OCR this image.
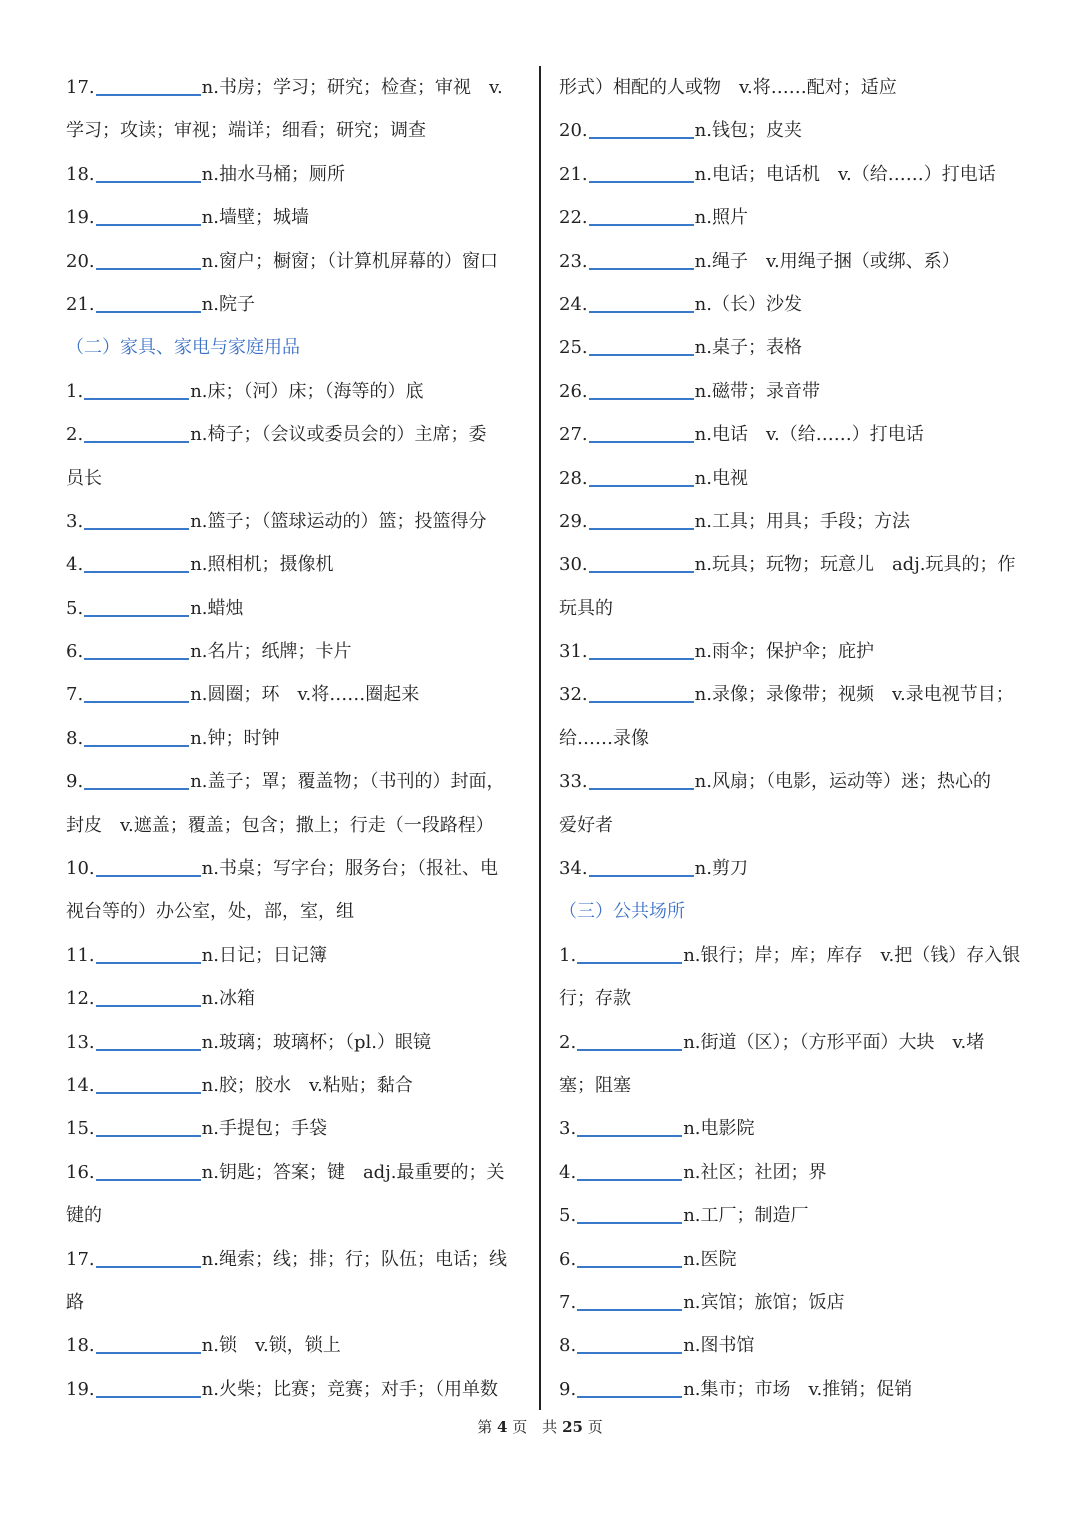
17.	n.书房；学习；研究；检查；审视　v.
学习；攻读；审视；端详；细看；研究；调查
18.	n.抽水马桶；厕所
19.	n.墙壁；城墙
20.	n.窗户；橱窗；（计算机屏幕的）窗口
21.	n.院子
（二）家具、家电与家庭用品
1.	n.床；（河）床；（海等的）底
2.	n.椅子；（会议或委员会的）主席；委
员长
3.	n.篮子；（篮球运动的）篮；投篮得分
4.	n.照相机；摄像机
5.	n.蜡烛
6.	n.名片；纸牌；卡片
7.	n.圆圈；环　v.将……圈起来
8.	n.钟；时钟
9.	n.盖子；罩；覆盖物；（书刊的）封面，
封皮　v.遮盖；覆盖；包含；撒上；行走（一段路程）
10.	n.书桌；写字台；服务台；（报社、电
视台等的）办公室，处，部，室，组
11.	n.日记；日记簿
12.	n.冰箱
13.	n.玻璃；玻璃杯；（pl.）眼镜
14.	n.胶；胶水　v.粘贴；黏合
15.	n.手提包；手袋
16.	n.钥匙；答案；键　adj.最重要的；关
键的
17.	n.绳索；线；排；行；队伍；电话；线
路
18.	n.锁　v.锁，锁上
19.	n.火柴；比赛；竞赛；对手；（用单数
形式）相配的人或物　v.将……配对；适应
20.	n.钱包；皮夹
21.	n.电话；电话机　v.（给……）打电话
22.	n.照片
23.	n.绳子　v.用绳子捆（或绑、系）
24.	n.（长）沙发
25.	n.桌子；表格
26.	n.磁带；录音带
27.	n.电话　v.（给……）打电话
28.	n.电视
29.	n.工具；用具；手段；方法
30.	n.玩具；玩物；玩意儿　adj.玩具的；作
玩具的
31.	n.雨伞；保护伞；庇护
32.	n.录像；录像带；视频　v.录电视节目；
给……录像
33.	n.风扇；（电影，运动等）迷；热心的
爱好者
34.	n.剪刀
（三）公共场所
1.	n.银行；岸；库；库存　v.把（钱）存入银
行；存款
2.	n.街道（区）；（方形平面）大块　v.堵
塞；阻塞
3.	n.电影院
4.	n.社区；社团；界
5.	n.工厂；制造厂
6.	n.医院
7.	n.宾馆；旅馆；饭店
8.	n.图书馆
9.	n.集市；市场　v.推销；促销
第 4 页　共 25 页
